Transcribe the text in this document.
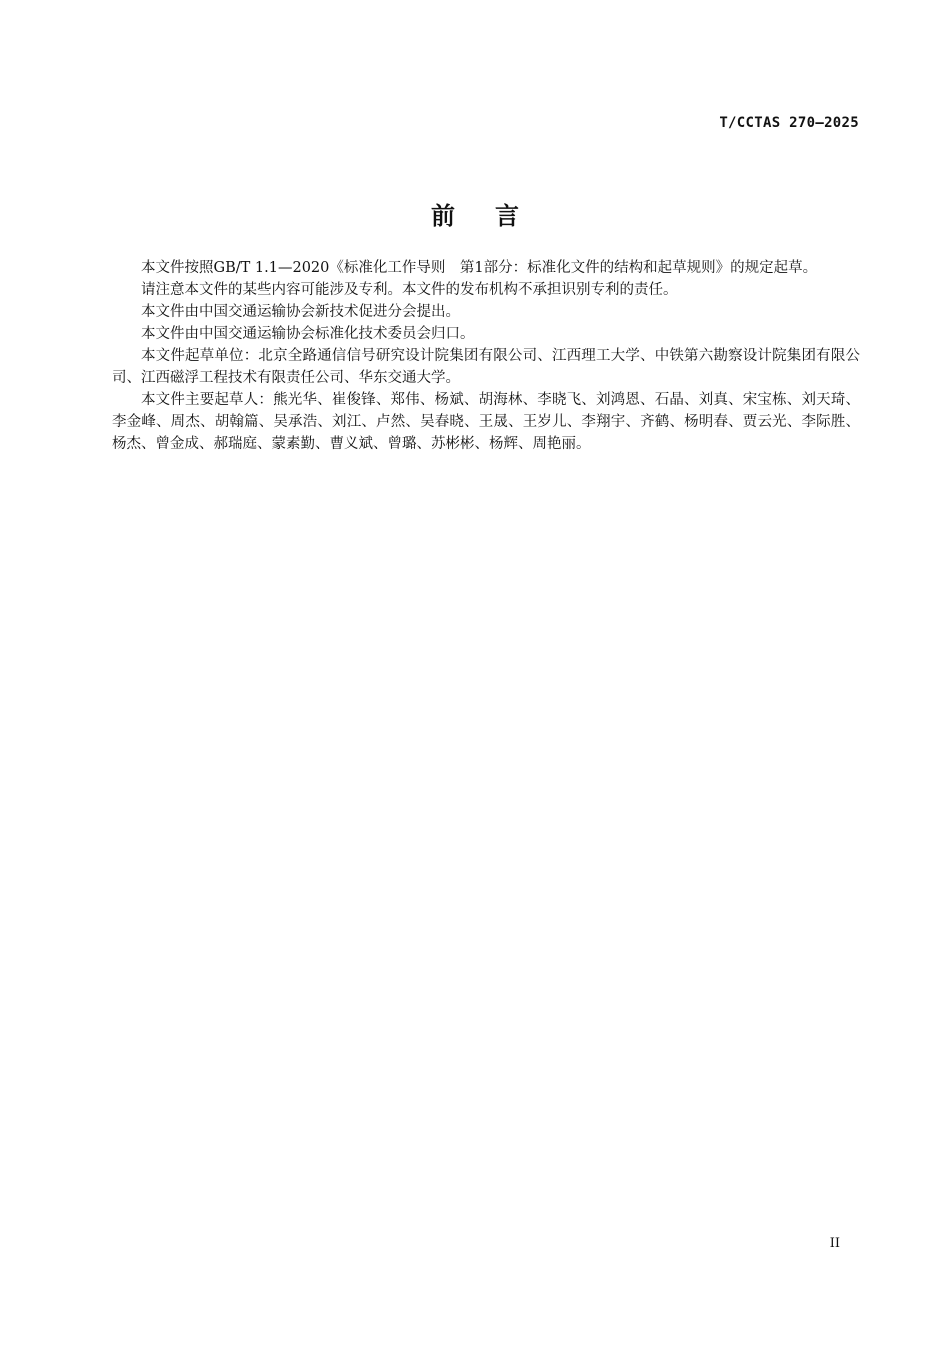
T/CCTAS 270—2025
前言

本文件按照GB/T 1.1—2020《标准化工作导则　第1部分：标准化文件的结构和起草规则》的规定起草。

请注意本文件的某些内容可能涉及专利。本文件的发布机构不承担识别专利的责任。

本文件由中国交通运输协会新技术促进分会提出。

本文件由中国交通运输协会标准化技术委员会归口。

本文件起草单位：北京全路通信信号研究设计院集团有限公司、江西理工大学、中铁第六勘察设计院集团有限公司、江西磁浮工程技术有限责任公司、华东交通大学。

本文件主要起草人：熊光华、崔俊锋、郑伟、杨斌、胡海林、李晓飞、刘鸿恩、石晶、刘真、宋宝栋、刘天琦、李金峰、周杰、胡翰篇、吴承浩、刘江、卢然、吴春晓、王晟、王岁儿、李翔宇、齐鹤、杨明春、贾云光、李际胜、杨杰、曾金成、郝瑞庭、蒙素勤、曹义斌、曾璐、苏彬彬、杨辉、周艳丽。

II
